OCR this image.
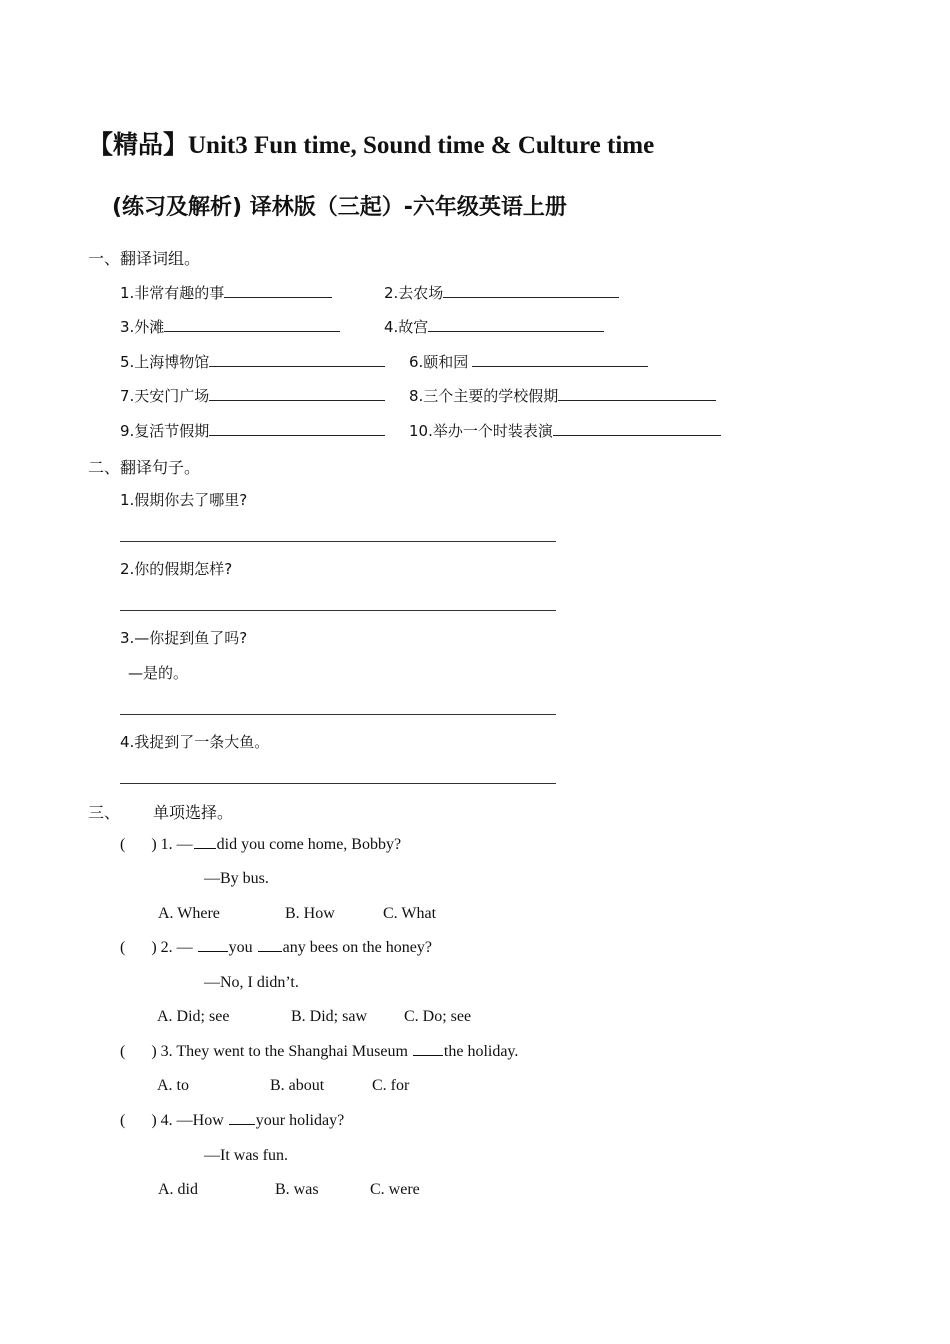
【精品】Unit3 Fun time, Sound time & Culture time
(练习及解析) 译林版（三起）-六年级英语上册
一、翻译词组。
1.非常有趣的事	2.去农场
3.外滩	4.故宫
5.上海博物馆	6.颐和园
7.天安门广场	8.三个主要的学校假期
9.复活节假期	10.举办一个时装表演
二、翻译句子。
1.假期你去了哪里?
2.你的假期怎样?
3.—你捉到鱼了吗?
—是的。
4.我捉到了一条大鱼。
三、 单项选择。
( ) 1. — did you come home, Bobby?
—By bus.
A. Where	B. How	C. What
( ) 2. — you any bees on the honey?
—No, I didn’t.
A. Did; see	B. Did; saw C. Do; see
( ) 3. They went to the Shanghai Museum the holiday.
A. to	B. about	C. for
( ) 4. —How your holiday?
—It was fun.
A. did	B. was	C. were
